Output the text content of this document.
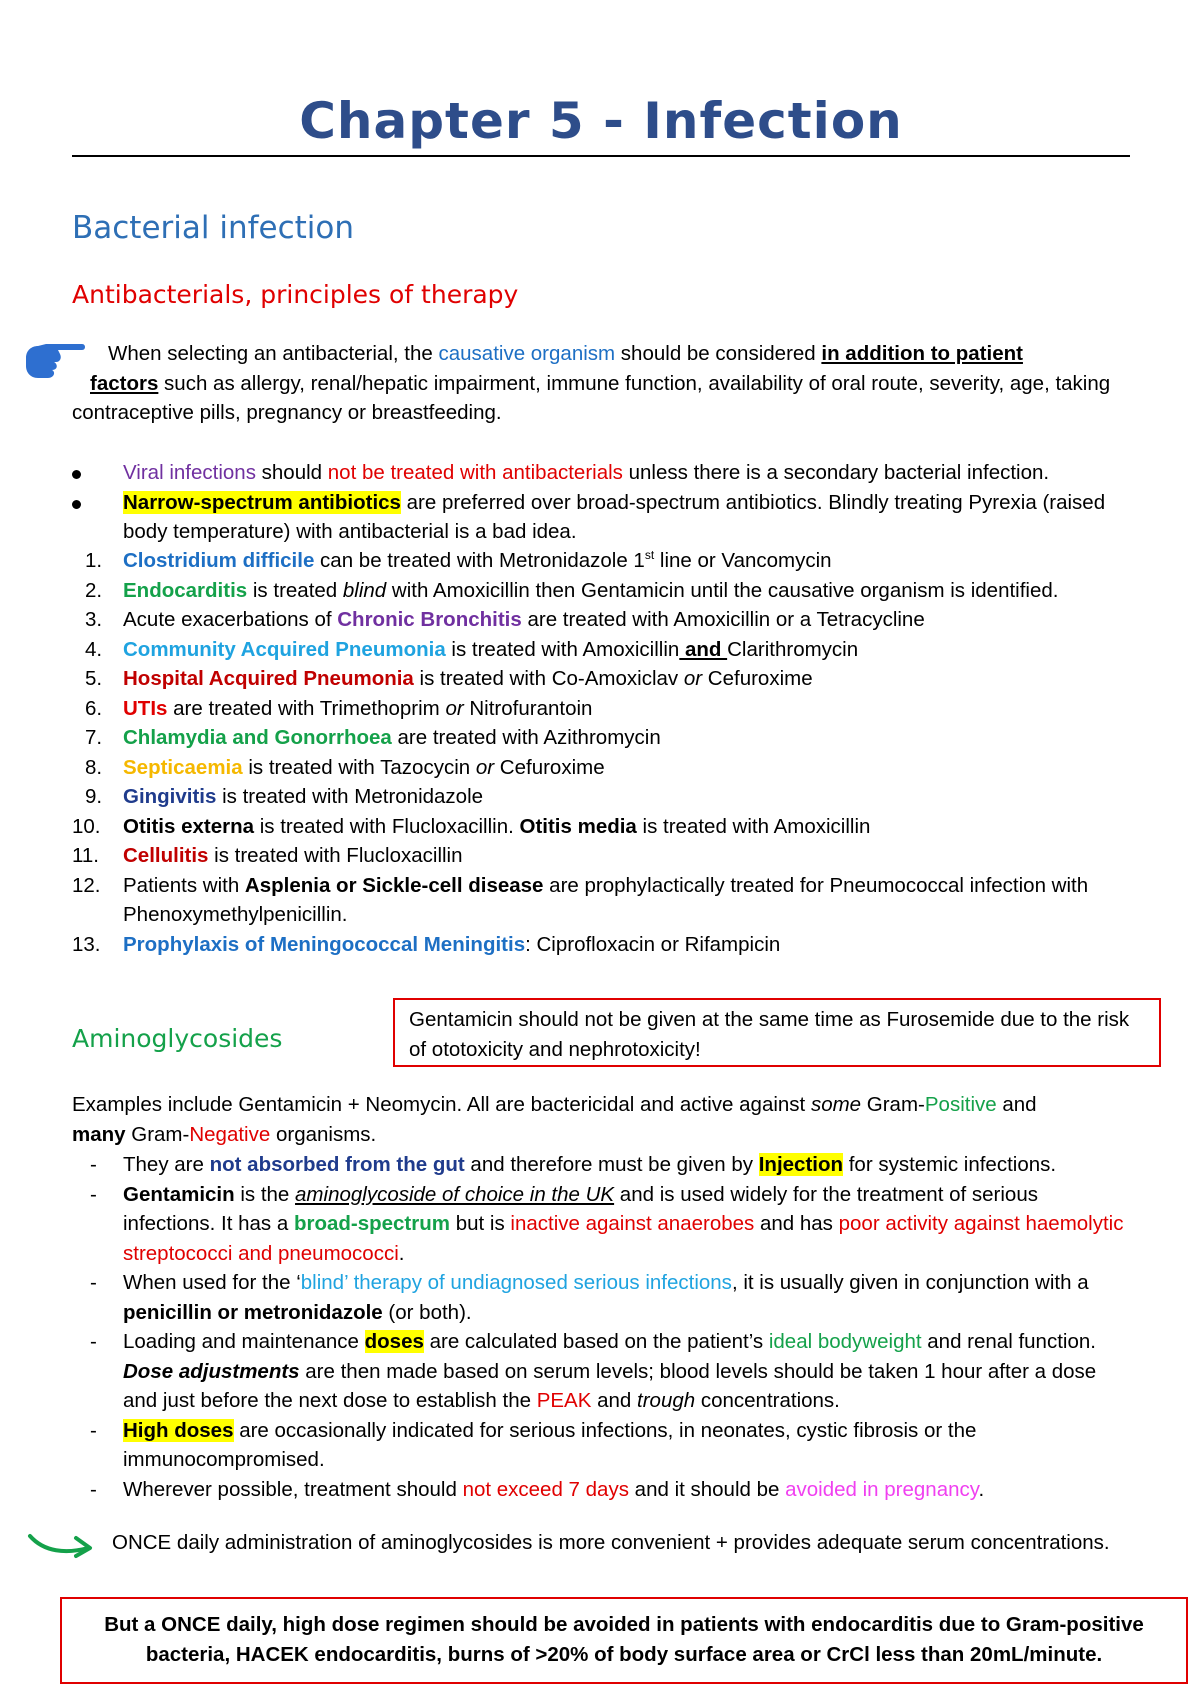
Chapter 5 - Infection
Bacterial infection
Antibacterials, principles of therapy
When selecting an antibacterial, the causative organism should be considered in addition to patient
factors such as allergy, renal/hepatic impairment, immune function, availability of oral route, severity, age, taking contraceptive pills, pregnancy or breastfeeding.
Viral infections should not be treated with antibacterials unless there is a secondary bacterial infection.
Narrow-spectrum antibiotics are preferred over broad-spectrum antibiotics. Blindly treating Pyrexia (raised body temperature) with antibacterial is a bad idea.
1. Clostridium difficile can be treated with Metronidazole 1st line or Vancomycin
2. Endocarditis is treated blind with Amoxicillin then Gentamicin until the causative organism is identified.
3. Acute exacerbations of Chronic Bronchitis are treated with Amoxicillin or a Tetracycline
4. Community Acquired Pneumonia is treated with Amoxicillin and Clarithromycin
5. Hospital Acquired Pneumonia is treated with Co-Amoxiclav or Cefuroxime
6. UTIs are treated with Trimethoprim or Nitrofurantoin
7. Chlamydia and Gonorrhoea are treated with Azithromycin
8. Septicaemia is treated with Tazocycin or Cefuroxime
9. Gingivitis is treated with Metronidazole
10. Otitis externa is treated with Flucloxacillin. Otitis media is treated with Amoxicillin
11. Cellulitis is treated with Flucloxacillin
12. Patients with Asplenia or Sickle-cell disease are prophylactically treated for Pneumococcal infection with Phenoxymethylpenicillin.
13. Prophylaxis of Meningococcal Meningitis: Ciprofloxacin or Rifampicin
Aminoglycosides
Gentamicin should not be given at the same time as Furosemide due to the risk of ototoxicity and nephrotoxicity!
Examples include Gentamicin + Neomycin. All are bactericidal and active against some Gram-Positive and
many Gram-Negative organisms.
- They are not absorbed from the gut and therefore must be given by Injection for systemic infections.
- Gentamicin is the aminoglycoside of choice in the UK and is used widely for the treatment of serious infections. It has a broad-spectrum but is inactive against anaerobes and has poor activity against haemolytic streptococci and pneumococci.
- When used for the ‘blind’ therapy of undiagnosed serious infections, it is usually given in conjunction with a penicillin or metronidazole (or both).
- Loading and maintenance doses are calculated based on the patient’s ideal bodyweight and renal function. Dose adjustments are then made based on serum levels; blood levels should be taken 1 hour after a dose and just before the next dose to establish the PEAK and trough concentrations.
- High doses are occasionally indicated for serious infections, in neonates, cystic fibrosis or the immunocompromised.
- Wherever possible, treatment should not exceed 7 days and it should be avoided in pregnancy.
ONCE daily administration of aminoglycosides is more convenient + provides adequate serum concentrations.
But a ONCE daily, high dose regimen should be avoided in patients with endocarditis due to Gram-positive bacteria, HACEK endocarditis, burns of >20% of body surface area or CrCl less than 20mL/minute.
